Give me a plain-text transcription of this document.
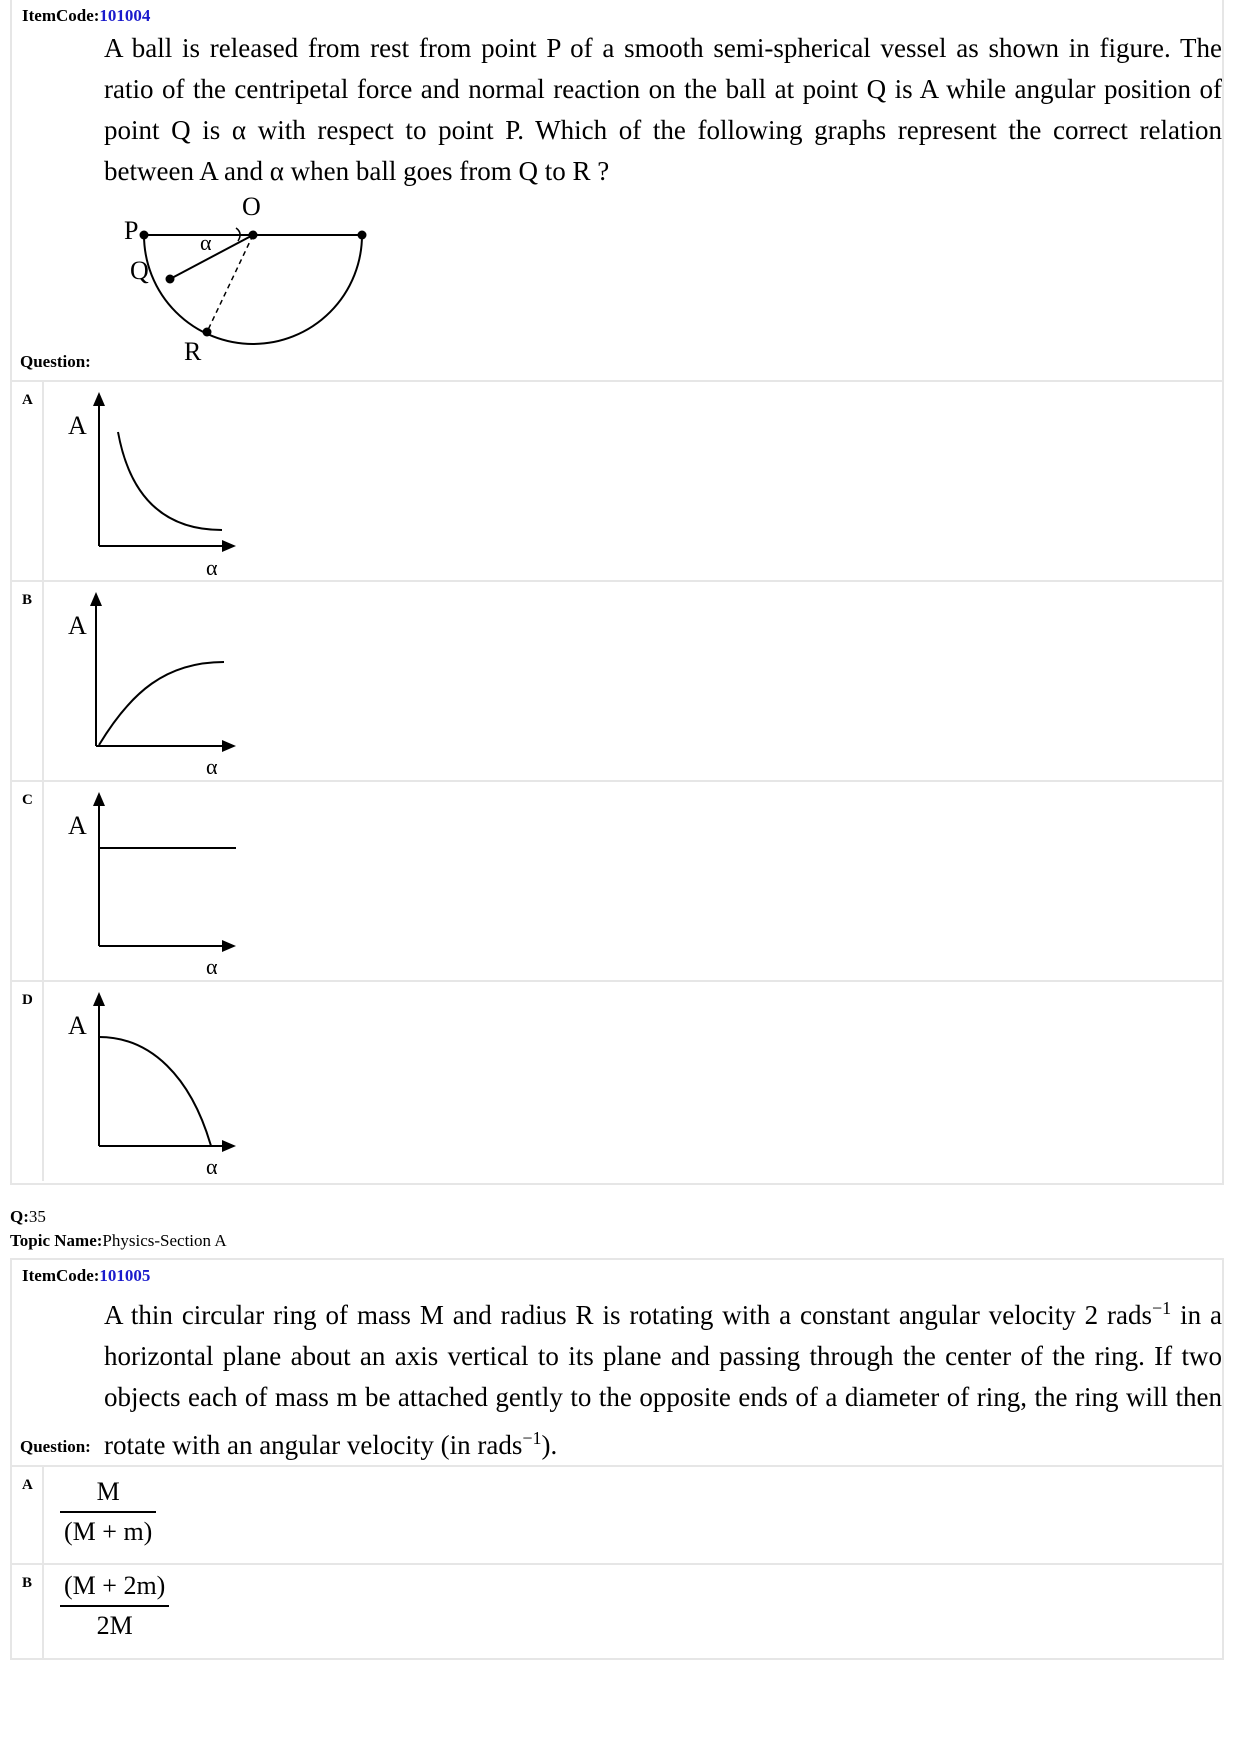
ItemCode:101004
A ball is released from rest from point P of a smooth semi-spherical vessel as shown in figure. The ratio of the centripetal force and normal reaction on the ball at point Q is A while angular position of point Q is α with respect to point P. Which of the following graphs represent the correct relation between A and α when ball goes from Q to R ?
P
O
α
Q
R
Question:
A
A
α
B
A
α
C
A
α
D
A
α
Q:35
Topic Name:Physics-Section A
ItemCode:101005
A thin circular ring of mass M and radius R is rotating with a constant angular velocity 2 rads$^{-1}$ in a horizontal plane about an axis vertical to its plane and passing through the center of the ring. If two objects each of mass m be attached gently to the opposite ends of a diameter of ring, the ring will then rotate with an angular velocity (in rads$^{-1}$).
Question:
A	M
(M + m)
B (M + 2m)
2M
